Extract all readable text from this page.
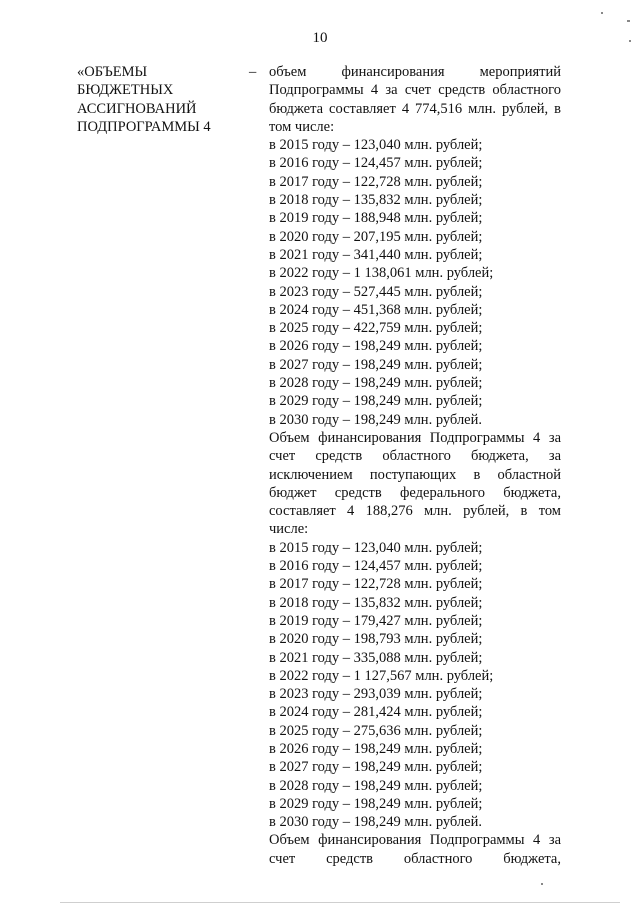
10
«ОБЪЕМЫ
БЮДЖЕТНЫХ
АССИГНОВАНИЙ
ПОДПРОГРАММЫ 4
– объем финансирования мероприятий
Подпрограммы 4 за счет средств областного
бюджета составляет 4 774,516 млн. рублей, в
том числе:
в 2015 году – 123,040 млн. рублей;
в 2016 году – 124,457 млн. рублей;
в 2017 году – 122,728 млн. рублей;
в 2018 году – 135,832 млн. рублей;
в 2019 году – 188,948 млн. рублей;
в 2020 году – 207,195 млн. рублей;
в 2021 году – 341,440 млн. рублей;
в 2022 году – 1 138,061 млн. рублей;
в 2023 году – 527,445 млн. рублей;
в 2024 году – 451,368 млн. рублей;
в 2025 году – 422,759 млн. рублей;
в 2026 году – 198,249 млн. рублей;
в 2027 году – 198,249 млн. рублей;
в 2028 году – 198,249 млн. рублей;
в 2029 году – 198,249 млн. рублей;
в 2030 году – 198,249 млн. рублей.
Объем финансирования Подпрограммы 4 за
счет средств областного бюджета, за
исключением поступающих в областной
бюджет средств федерального бюджета,
составляет 4 188,276 млн. рублей, в том
числе:
в 2015 году – 123,040 млн. рублей;
в 2016 году – 124,457 млн. рублей;
в 2017 году – 122,728 млн. рублей;
в 2018 году – 135,832 млн. рублей;
в 2019 году – 179,427 млн. рублей;
в 2020 году – 198,793 млн. рублей;
в 2021 году – 335,088 млн. рублей;
в 2022 году – 1 127,567 млн. рублей;
в 2023 году – 293,039 млн. рублей;
в 2024 году – 281,424 млн. рублей;
в 2025 году – 275,636 млн. рублей;
в 2026 году – 198,249 млн. рублей;
в 2027 году – 198,249 млн. рублей;
в 2028 году – 198,249 млн. рублей;
в 2029 году – 198,249 млн. рублей;
в 2030 году – 198,249 млн. рублей.
Объем финансирования Подпрограммы 4 за
счет средств областного бюджета,
